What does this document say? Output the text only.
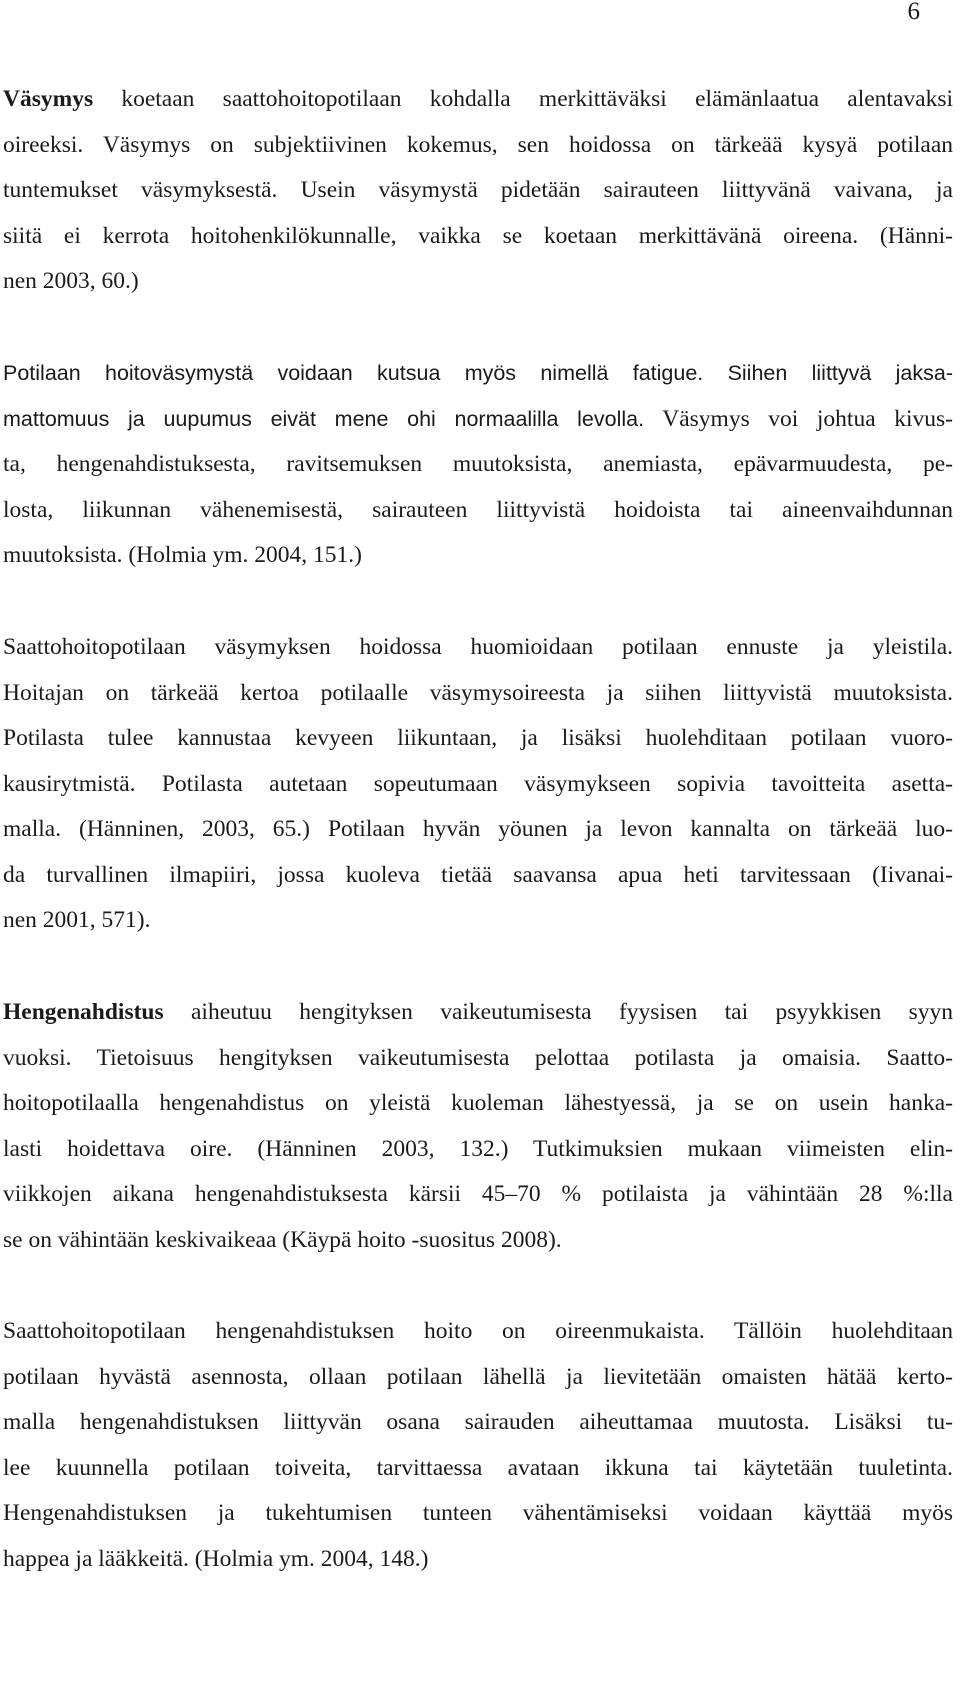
6
Väsymys koetaan saattohoitopotilaan kohdalla merkittäväksi elämänlaatua alentavaksi
oireeksi. Väsymys on subjektiivinen kokemus, sen hoidossa on tärkeää kysyä potilaan
tuntemukset väsymyksestä. Usein väsymystä pidetään sairauteen liittyvänä vaivana, ja
siitä ei kerrota hoitohenkilökunnalle, vaikka se koetaan merkittävänä oireena. (Hänni-
nen 2003, 60.)
Potilaan hoitoväsymystä voidaan kutsua myös nimellä fatigue. Siihen liittyvä jaksa-
mattomuus ja uupumus eivät mene ohi normaalilla levolla. Väsymys voi johtua kivus-
ta, hengenahdistuksesta, ravitsemuksen muutoksista, anemiasta, epävarmuudesta, pe-
losta, liikunnan vähenemisestä, sairauteen liittyvistä hoidoista tai aineenvaihdunnan
muutoksista. (Holmia ym. 2004, 151.)
Saattohoitopotilaan väsymyksen hoidossa huomioidaan potilaan ennuste ja yleistila.
Hoitajan on tärkeää kertoa potilaalle väsymysoireesta ja siihen liittyvistä muutoksista.
Potilasta tulee kannustaa kevyeen liikuntaan, ja lisäksi huolehditaan potilaan vuoro-
kausirytmistä. Potilasta autetaan sopeutumaan väsymykseen sopivia tavoitteita asetta-
malla. (Hänninen, 2003, 65.) Potilaan hyvän yöunen ja levon kannalta on tärkeää luo-
da turvallinen ilmapiiri, jossa kuoleva tietää saavansa apua heti tarvitessaan (Iivanai-
nen 2001, 571).
Hengenahdistus aiheutuu hengityksen vaikeutumisesta fyysisen tai psyykkisen syyn
vuoksi. Tietoisuus hengityksen vaikeutumisesta pelottaa potilasta ja omaisia. Saatto-
hoitopotilaalla hengenahdistus on yleistä kuoleman lähestyessä, ja se on usein hanka-
lasti hoidettava oire. (Hänninen 2003, 132.) Tutkimuksien mukaan viimeisten elin-
viikkojen aikana hengenahdistuksesta kärsii 45–70 % potilaista ja vähintään 28 %:lla
se on vähintään keskivaikeaa (Käypä hoito -suositus 2008).
Saattohoitopotilaan hengenahdistuksen hoito on oireenmukaista. Tällöin huolehditaan
potilaan hyvästä asennosta, ollaan potilaan lähellä ja lievitetään omaisten hätää kerto-
malla hengenahdistuksen liittyvän osana sairauden aiheuttamaa muutosta. Lisäksi tu-
lee kuunnella potilaan toiveita, tarvittaessa avataan ikkuna tai käytetään tuuletinta.
Hengenahdistuksen ja tukehtumisen tunteen vähentämiseksi voidaan käyttää myös
happea ja lääkkeitä. (Holmia ym. 2004, 148.)
